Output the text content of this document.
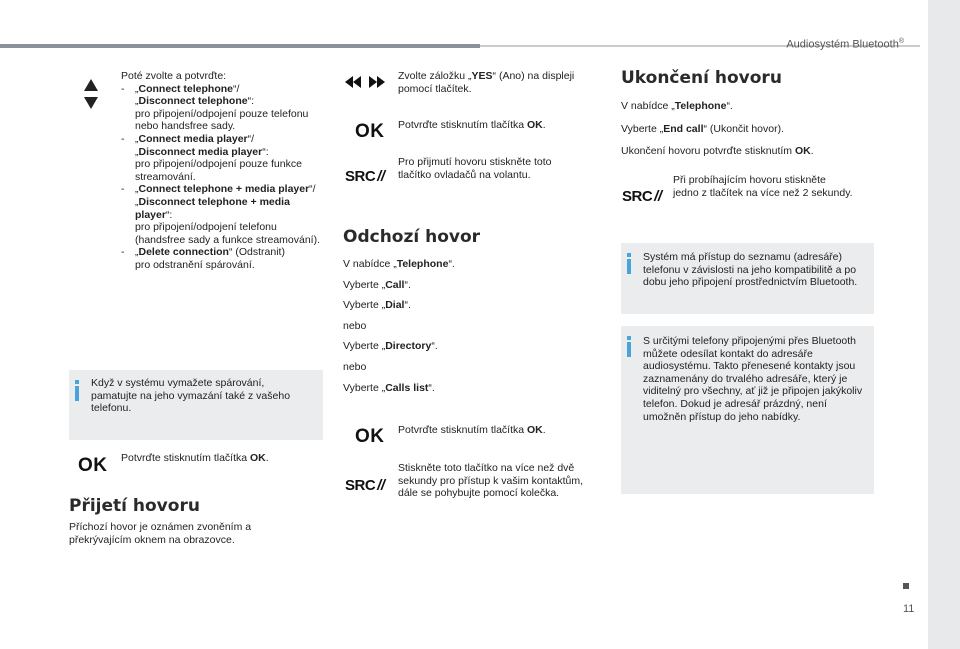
Audiosystém Bluetooth®
11
Poté zvolte a potvrďte:
-	„Connect telephone“/
„Disconnect telephone“:
pro připojení/odpojení pouze telefonu nebo handsfree sady.
-	„Connect media player“/
„Disconnect media player“:
pro připojení/odpojení pouze funkce streamování.
-	„Connect telephone + media player“/„Disconnect telephone + media player“:
pro připojení/odpojení telefonu (handsfree sady a funkce streamování).
-	„Delete connection“ (Odstranit)
pro odstranění spárování.
Když v systému vymažete spárování, pamatujte na jeho vymazání také z vašeho telefonu.
OK Potvrďte stisknutím tlačítka OK.
Přijetí hovoru
Příchozí hovor je oznámen zvoněním a překrývajícím oknem na obrazovce.
Zvolte záložku „YES“ (Ano) na displeji pomocí tlačítek.
OK Potvrďte stisknutím tlačítka OK.
SRC //
Pro přijmutí hovoru stiskněte toto tlačítko ovladačů na volantu.
Odchozí hovor
V nabídce „Telephone“.
Vyberte „Call“.
Vyberte „Dial“.
nebo
Vyberte „Directory“.
nebo
Vyberte „Calls list“.
OK Potvrďte stisknutím tlačítka OK.
SRC //
Stiskněte toto tlačítko na více než dvě sekundy pro přístup k vašim kontaktům, dále se pohybujte pomocí kolečka.
Ukončení hovoru
V nabídce „Telephone“.
Vyberte „End call“ (Ukončit hovor).
Ukončení hovoru potvrďte stisknutím OK.
SRC //
Při probíhajícím hovoru stiskněte jedno z tlačítek na více než 2 sekundy.
Systém má přístup do seznamu (adresáře) telefonu v závislosti na jeho kompatibilitě a po dobu jeho připojení prostřednictvím Bluetooth.
S určitými telefony připojenými přes Bluetooth můžete odesílat kontakt do adresáře audiosystému. Takto přenesené kontakty jsou zaznamenány do trvalého adresáře, který je viditelný pro všechny, ať již je připojen jakýkoliv telefon. Dokud je adresář prázdný, není umožněn přístup do jeho nabídky.
